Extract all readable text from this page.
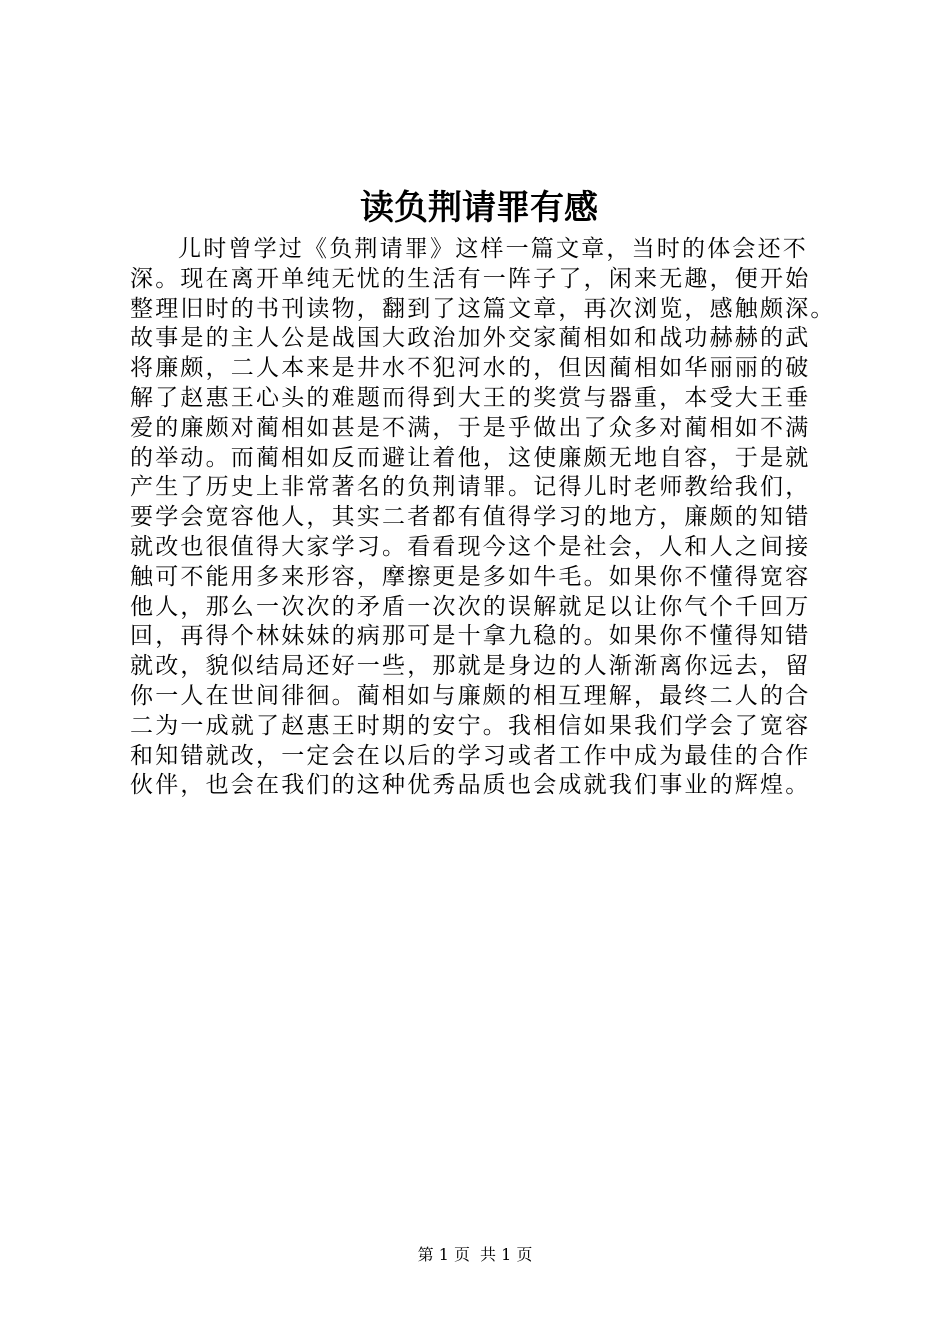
读负荆请罪有感
儿时曾学过《负荆请罪》这样一篇文章，当时的体会还不
深。现在离开单纯无忧的生活有一阵子了，闲来无趣，便开始
整理旧时的书刊读物，翻到了这篇文章，再次浏览，感触颇深。
故事是的主人公是战国大政治加外交家蔺相如和战功赫赫的武
将廉颇，二人本来是井水不犯河水的，但因蔺相如华丽丽的破
解了赵惠王心头的难题而得到大王的奖赏与器重，本受大王垂
爱的廉颇对蔺相如甚是不满，于是乎做出了众多对蔺相如不满
的举动。而蔺相如反而避让着他，这使廉颇无地自容，于是就
产生了历史上非常著名的负荆请罪。记得儿时老师教给我们，
要学会宽容他人，其实二者都有值得学习的地方，廉颇的知错
就改也很值得大家学习。看看现今这个是社会，人和人之间接
触可不能用多来形容，摩擦更是多如牛毛。如果你不懂得宽容
他人，那么一次次的矛盾一次次的误解就足以让你气个千回万
回，再得个林妹妹的病那可是十拿九稳的。如果你不懂得知错
就改，貌似结局还好一些，那就是身边的人渐渐离你远去，留
你一人在世间徘徊。蔺相如与廉颇的相互理解，最终二人的合
二为一成就了赵惠王时期的安宁。我相信如果我们学会了宽容
和知错就改，一定会在以后的学习或者工作中成为最佳的合作
伙伴，也会在我们的这种优秀品质也会成就我们事业的辉煌。
第 1 页 共 1 页
